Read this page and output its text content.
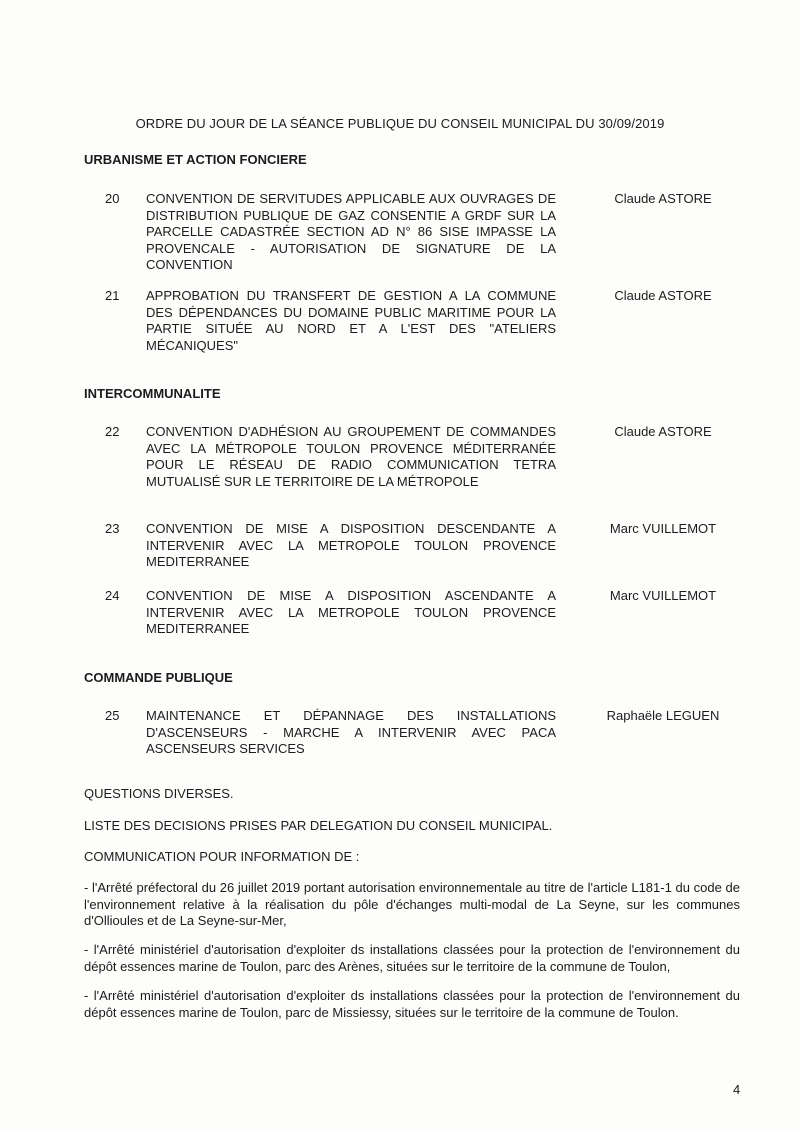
ORDRE DU JOUR DE LA SÉANCE PUBLIQUE DU CONSEIL MUNICIPAL DU 30/09/2019
URBANISME ET ACTION FONCIERE
20	CONVENTION DE SERVITUDES APPLICABLE AUX OUVRAGES DE DISTRIBUTION PUBLIQUE DE GAZ CONSENTIE A GRDF SUR LA PARCELLE CADASTRÉE SECTION AD N° 86 SISE IMPASSE LA PROVENCALE - AUTORISATION DE SIGNATURE DE LA CONVENTION
Claude ASTORE
21	APPROBATION DU TRANSFERT DE GESTION A LA COMMUNE DES DÉPENDANCES DU DOMAINE PUBLIC MARITIME POUR LA PARTIE SITUÉE AU NORD ET A L'EST DES "ATELIERS MÉCANIQUES"
Claude ASTORE
INTERCOMMUNALITE
22	CONVENTION D'ADHÉSION AU GROUPEMENT DE COMMANDES AVEC LA MÉTROPOLE TOULON PROVENCE MÉDITERRANÉE POUR LE RÉSEAU DE RADIO COMMUNICATION TETRA MUTUALISÉ SUR LE TERRITOIRE DE LA MÉTROPOLE
Claude ASTORE
23	CONVENTION DE MISE A DISPOSITION DESCENDANTE A INTERVENIR AVEC LA METROPOLE TOULON PROVENCE MEDITERRANEE
Marc VUILLEMOT
24	CONVENTION DE MISE A DISPOSITION ASCENDANTE A INTERVENIR AVEC LA METROPOLE TOULON PROVENCE MEDITERRANEE
Marc VUILLEMOT
COMMANDE PUBLIQUE
25	MAINTENANCE ET DÉPANNAGE DES INSTALLATIONS D'ASCENSEURS - MARCHE A INTERVENIR AVEC PACA ASCENSEURS SERVICES
Raphaële LEGUEN
QUESTIONS DIVERSES.
LISTE DES DECISIONS PRISES PAR DELEGATION DU CONSEIL MUNICIPAL.
COMMUNICATION POUR INFORMATION DE :
- l'Arrêté préfectoral du 26 juillet 2019 portant autorisation environnementale au titre de l'article L181-1 du code de l'environnement relative à la réalisation du pôle d'échanges multi-modal de La Seyne, sur les communes d'Ollioules et de La Seyne-sur-Mer,
- l'Arrêté ministériel d'autorisation d'exploiter ds installations classées pour la protection de l'environnement du dépôt essences marine de Toulon, parc des Arènes, situées sur le territoire de la commune de Toulon,
- l'Arrêté ministériel d'autorisation d'exploiter ds installations classées pour la protection de l'environnement du dépôt essences marine de Toulon, parc de Missiessy, situées sur le territoire de la commune de Toulon.
4
